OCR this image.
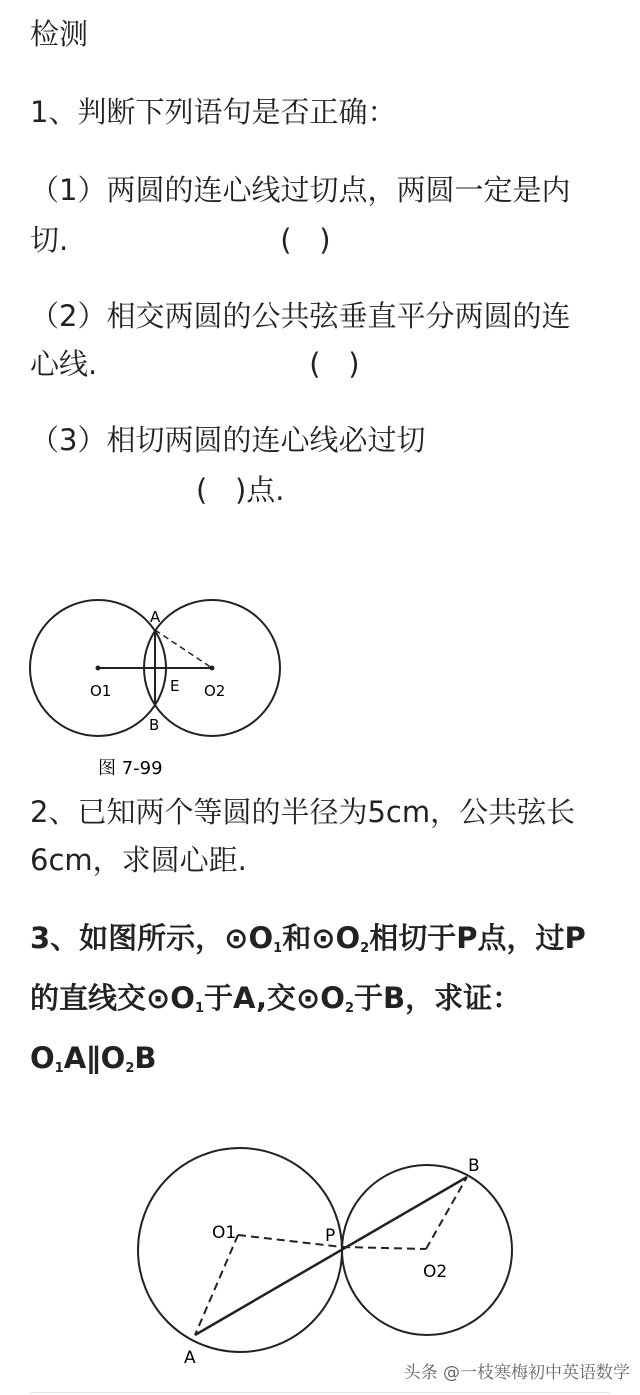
检测
1、判断下列语句是否正确：
（1）两圆的连心线过切点，两圆一定是内
切.                       (   )
（2）相交两圆的公共弦垂直平分两圆的连
心线.                       (   )
（3）相切两圆的连心线必过切
(   )点.
A
B
E
O1	O2
图 7-99
2、已知两个等圆的半径为5cm，公共弦长
6cm，求圆心距.
3、如图所示，$⊙O_1$和$⊙O_2$相切于P点，过P
的直线交$⊙O_1$于A,交$⊙O_2$于B，求证：
$O_1A\parallel O_2B$
A
B
P
O1
O2
头条 @一枝寒梅初中英语数学
